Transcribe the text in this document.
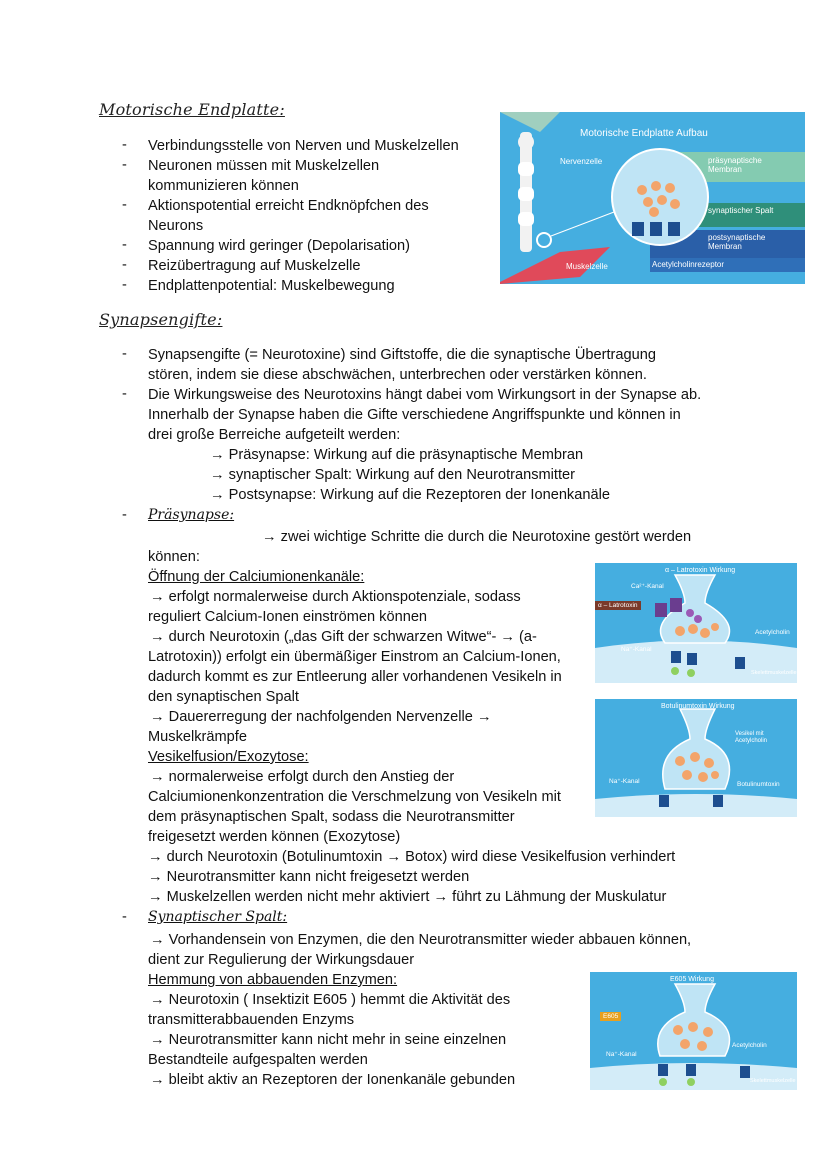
Motorische Endplatte:
- Verbindungsstelle von Nerven und Muskelzellen
- Neuronen müssen mit Muskelzellen
kommunizieren können
- Aktionspotential erreicht Endknöpfchen des
Neurons
- Spannung wird geringer (Depolarisation)
- Reizübertragung auf Muskelzelle
- Endplattenpotential: Muskelbewegung
Motorische Endplatte Aufbau
Nervenzelle	präsynaptische
Membran
synaptischer Spalt
postsynaptische
Membran
Muskelzelle	Acetylcholinrezeptor
Synapsengifte:
- Synapsengifte (= Neurotoxine) sind Giftstoffe, die die synaptische Übertragung
stören, indem sie diese abschwächen, unterbrechen oder verstärken können.
- Die Wirkungsweise des Neurotoxins hängt dabei vom Wirkungsort in der Synapse ab.
Innerhalb der Synapse haben die Gifte verschiedene Angriffspunkte und können in
drei große Berreiche aufgeteilt werden:
→ Präsynapse: Wirkung auf die präsynaptische Membran
→ synaptischer Spalt: Wirkung auf den Neurotransmitter
→ Postsynapse: Wirkung auf die Rezeptoren der Ionenkanäle
- Präsynapse:
→ zwei wichtige Schritte die durch die Neurotoxine gestört werden
können:
Öffnung der Calciumionenkanäle:
→ erfolgt normalerweise durch Aktionspotenziale, sodass
reguliert Calcium-Ionen einströmen können
→ durch Neurotoxin („das Gift der schwarzen Witwe“- → (a-
Latrotoxin)) erfolgt ein übermäßiger Einstrom an Calcium-Ionen,
dadurch kommt es zur Entleerung aller vorhandenen Vesikeln in
den synaptischen Spalt
→ Dauererregung der nachfolgenden Nervenzelle →
Muskelkrämpfe
Vesikelfusion/Exozytose:
→ normalerweise erfolgt durch den Anstieg der
Calciumionenkonzentration die Verschmelzung von Vesikeln mit
dem präsynaptischen Spalt, sodass die Neurotransmitter
freigesetzt werden können (Exozytose)
→ durch Neurotoxin (Botulinumtoxin → Botox) wird diese Vesikelfusion verhindert
→ Neurotransmitter kann nicht freigesetzt werden
→ Muskelzellen werden nicht mehr aktiviert → führt zu Lähmung der Muskulatur
- Synaptischer Spalt:
→ Vorhandensein von Enzymen, die den Neurotransmitter wieder abbauen können,
dient zur Regulierung der Wirkungsdauer
Hemmung von abbauenden Enzymen:
→ Neurotoxin ( Insektizit E605 ) hemmt die Aktivität des
transmitterabbauenden Enzyms
→ Neurotransmitter kann nicht mehr in seine einzelnen
Bestandteile aufgespalten werden
→ bleibt aktiv an Rezeptoren der Ionenkanäle gebunden
α – Latrotoxin Wirkung
Ca²⁺-Kanal
α – Latrotoxin
Na⁺-Kanal
Acetylcholin
Skelettmuskelzelle
Botulinumtoxin Wirkung
Vesikel mit
Acetylcholin
Na⁺-Kanal	Botulinumtoxin
E605 Wirkung
E605
Na⁺-Kanal
Acetylcholin
Skelettmuskelzelle
